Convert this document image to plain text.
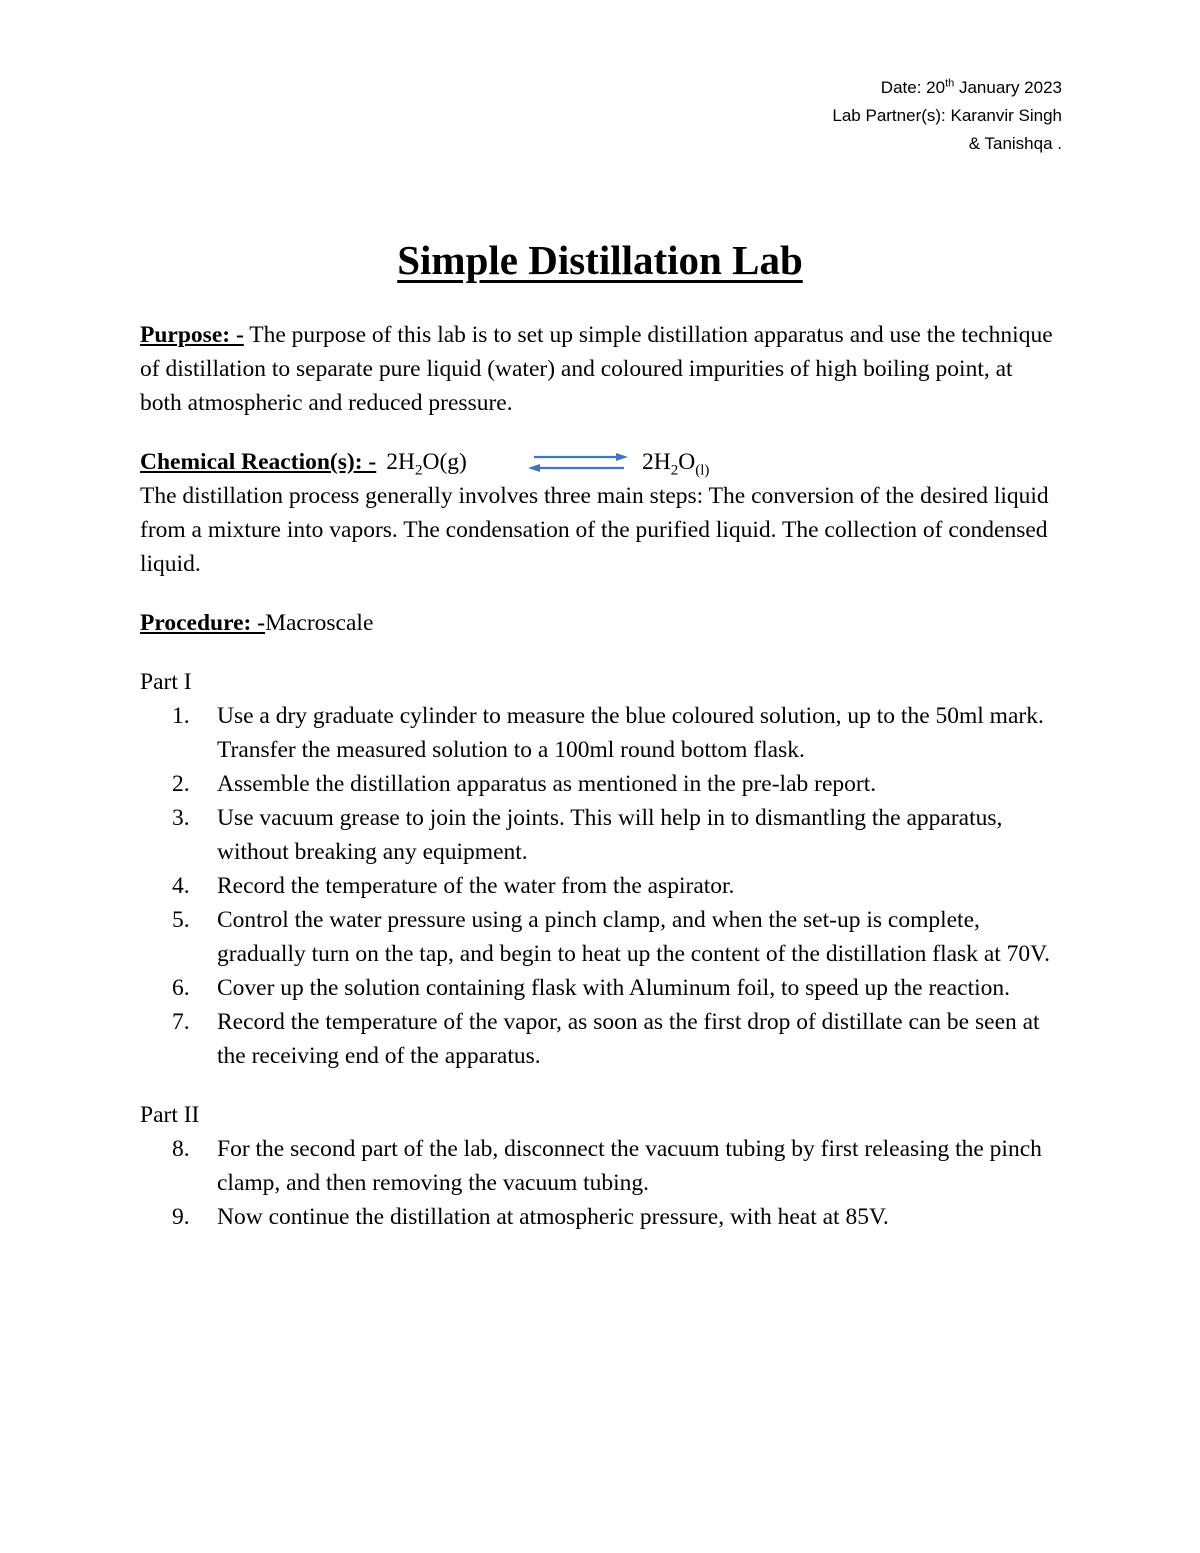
Date: 20th January 2023
Lab Partner(s): Karanvir Singh
& Tanishqa .
Simple Distillation Lab

Purpose: - The purpose of this lab is to set up simple distillation apparatus and use the technique of distillation to separate pure liquid (water) and coloured impurities of high boiling point, at both atmospheric and reduced pressure.

Chemical Reaction(s): - $2H_2O(g)$	$2H_2O_{(l)}$

The distillation process generally involves three main steps: The conversion of the desired liquid from a mixture into vapors. The condensation of the purified liquid. The collection of condensed liquid.

Procedure: -Macroscale

Part I

1. Use a dry graduate cylinder to measure the blue coloured solution, up to the 50ml mark. Transfer the measured solution to a 100ml round bottom flask.
2. Assemble the distillation apparatus as mentioned in the pre-lab report.
3. Use vacuum grease to join the joints. This will help in to dismantling the apparatus, without breaking any equipment.
4. Record the temperature of the water from the aspirator.
5. Control the water pressure using a pinch clamp, and when the set-up is complete, gradually turn on the tap, and begin to heat up the content of the distillation flask at 70V.
6. Cover up the solution containing flask with Aluminum foil, to speed up the reaction.
7. Record the temperature of the vapor, as soon as the first drop of distillate can be seen at the receiving end of the apparatus.

Part II

8. For the second part of the lab, disconnect the vacuum tubing by first releasing the pinch clamp, and then removing the vacuum tubing.
9. Now continue the distillation at atmospheric pressure, with heat at 85V.
